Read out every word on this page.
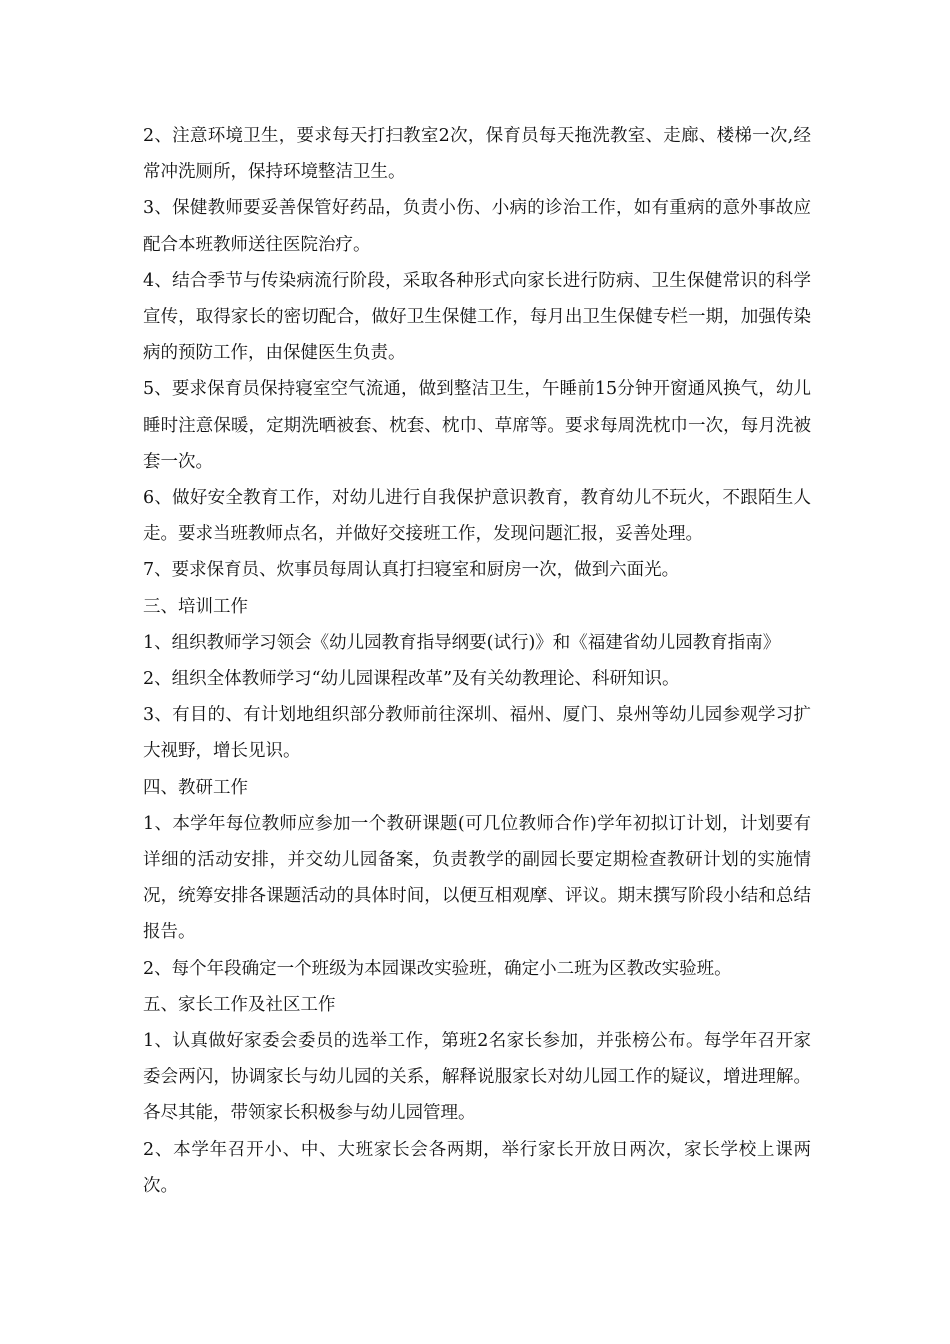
2、注意环境卫生，要求每天打扫教室2次，保育员每天拖洗教室、走廊、楼梯一次,经常冲洗厕所，保持环境整洁卫生。

3、保健教师要妥善保管好药品，负责小伤、小病的诊治工作，如有重病的意外事故应配合本班教师送往医院治疗。

4、结合季节与传染病流行阶段，采取各种形式向家长进行防病、卫生保健常识的科学宣传，取得家长的密切配合，做好卫生保健工作，每月出卫生保健专栏一期，加强传染病的预防工作，由保健医生负责。

5、要求保育员保持寝室空气流通，做到整洁卫生，午睡前15分钟开窗通风换气，幼儿睡时注意保暖，定期洗晒被套、枕套、枕巾、草席等。要求每周洗枕巾一次，每月洗被套一次。

6、做好安全教育工作，对幼儿进行自我保护意识教育，教育幼儿不玩火，不跟陌生人走。要求当班教师点名，并做好交接班工作，发现问题汇报，妥善处理。

7、要求保育员、炊事员每周认真打扫寝室和厨房一次，做到六面光。

三、培训工作

1、组织教师学习领会《幼儿园教育指导纲要(试行)》和《福建省幼儿园教育指南》

2、组织全体教师学习“幼儿园课程改革”及有关幼教理论、科研知识。

3、有目的、有计划地组织部分教师前往深圳、福州、厦门、泉州等幼儿园参观学习扩大视野，增长见识。

四、教研工作

1、本学年每位教师应参加一个教研课题(可几位教师合作)学年初拟订计划，计划要有详细的活动安排，并交幼儿园备案，负责教学的副园长要定期检查教研计划的实施情况，统筹安排各课题活动的具体时间，以便互相观摩、评议。期末撰写阶段小结和总结报告。

2、每个年段确定一个班级为本园课改实验班，确定小二班为区教改实验班。

五、家长工作及社区工作

1、认真做好家委会委员的选举工作，第班2名家长参加，并张榜公布。每学年召开家委会两闪，协调家长与幼儿园的关系，解释说服家长对幼儿园工作的疑议，增进理解。各尽其能，带领家长积极参与幼儿园管理。

2、本学年召开小、中、大班家长会各两期，举行家长开放日两次，家长学校上课两次。
